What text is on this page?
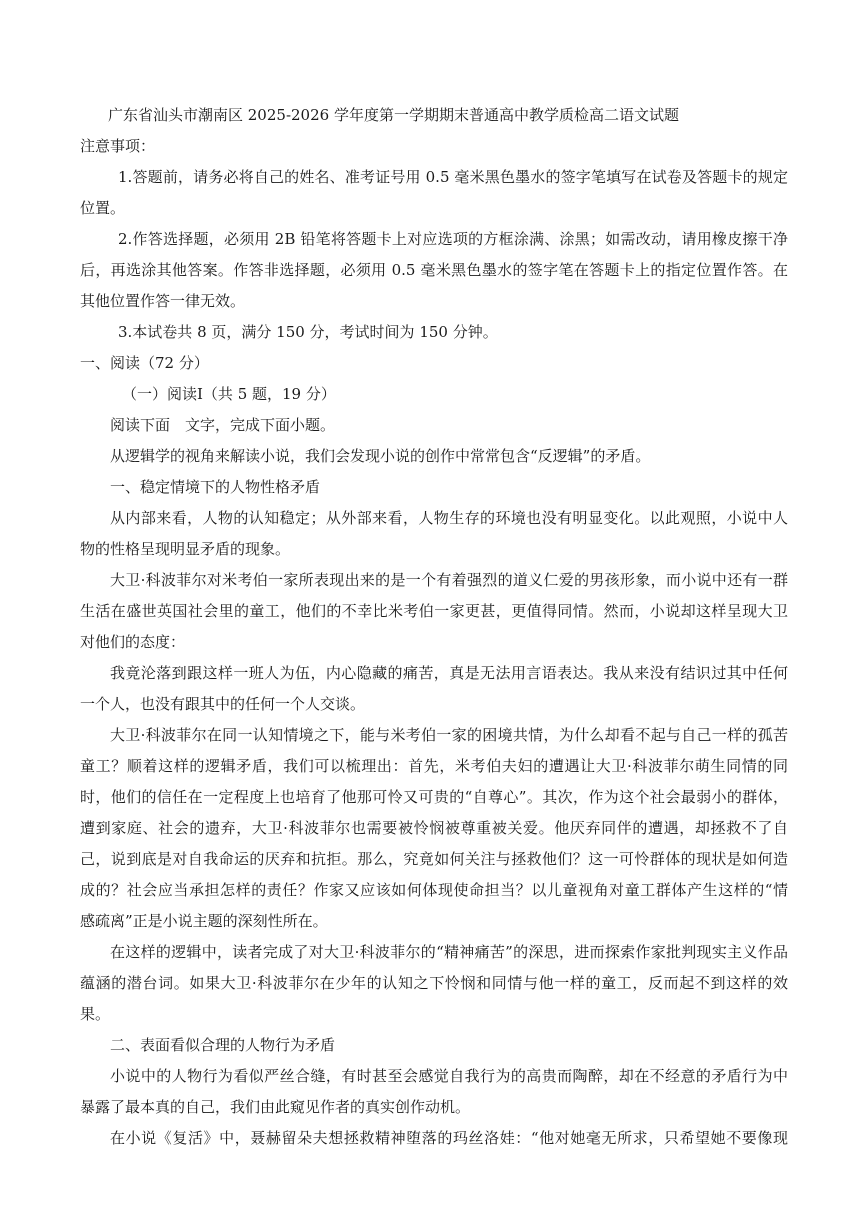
广东省汕头市潮南区 2025-2026 学年度第一学期期末普通高中教学质检高二语文试题
注意事项：
1.答题前，请务必将自己的姓名、准考证号用 0.5 毫米黑色墨水的签字笔填写在试卷及答题卡的规定
位置。
2.作答选择题，必须用 2B 铅笔将答题卡上对应选项的方框涂满、涂黑；如需改动，请用橡皮擦干净
后，再选涂其他答案。作答非选择题，必须用 0.5 毫米黑色墨水的签字笔在答题卡上的指定位置作答。在
其他位置作答一律无效。
3.本试卷共 8 页，满分 150 分，考试时间为 150 分钟。
一、阅读（72 分）
（一）阅读Ⅰ（共 5 题，19 分）
阅读下面　文字，完成下面小题。
从逻辑学的视角来解读小说，我们会发现小说的创作中常常包含“反逻辑”的矛盾。
一、稳定情境下的人物性格矛盾
从内部来看，人物的认知稳定；从外部来看，人物生存的环境也没有明显变化。以此观照，小说中人
物的性格呈现明显矛盾的现象。
大卫·科波菲尔对米考伯一家所表现出来的是一个有着强烈的道义仁爱的男孩形象，而小说中还有一群
生活在盛世英国社会里的童工，他们的不幸比米考伯一家更甚，更值得同情。然而，小说却这样呈现大卫
对他们的态度：
我竟沦落到跟这样一班人为伍，内心隐藏的痛苦，真是无法用言语表达。我从来没有结识过其中任何
一个人，也没有跟其中的任何一个人交谈。
大卫·科波菲尔在同一认知情境之下，能与米考伯一家的困境共情，为什么却看不起与自己一样的孤苦
童工？顺着这样的逻辑矛盾，我们可以梳理出：首先，米考伯夫妇的遭遇让大卫·科波菲尔萌生同情的同
时，他们的信任在一定程度上也培育了他那可怜又可贵的“自尊心”。其次，作为这个社会最弱小的群体，
遭到家庭、社会的遗弃，大卫·科波菲尔也需要被怜悯被尊重被关爱。他厌弃同伴的遭遇，却拯救不了自
己，说到底是对自我命运的厌弃和抗拒。那么，究竟如何关注与拯救他们？这一可怜群体的现状是如何造
成的？社会应当承担怎样的责任？作家又应该如何体现使命担当？以儿童视角对童工群体产生这样的“情
感疏离”正是小说主题的深刻性所在。
在这样的逻辑中，读者完成了对大卫·科波菲尔的“精神痛苦”的深思，进而探索作家批判现实主义作品
蕴涵的潜台词。如果大卫·科波菲尔在少年的认知之下怜悯和同情与他一样的童工，反而起不到这样的效
果。
二、表面看似合理的人物行为矛盾
小说中的人物行为看似严丝合缝，有时甚至会感觉自我行为的高贵而陶醉，却在不经意的矛盾行为中
暴露了最本真的自己，我们由此窥见作者的真实创作动机。
在小说《复活》中，聂赫留朵夫想拯救精神堕落的玛丝洛娃：“他对她毫无所求，只希望她不要像现
